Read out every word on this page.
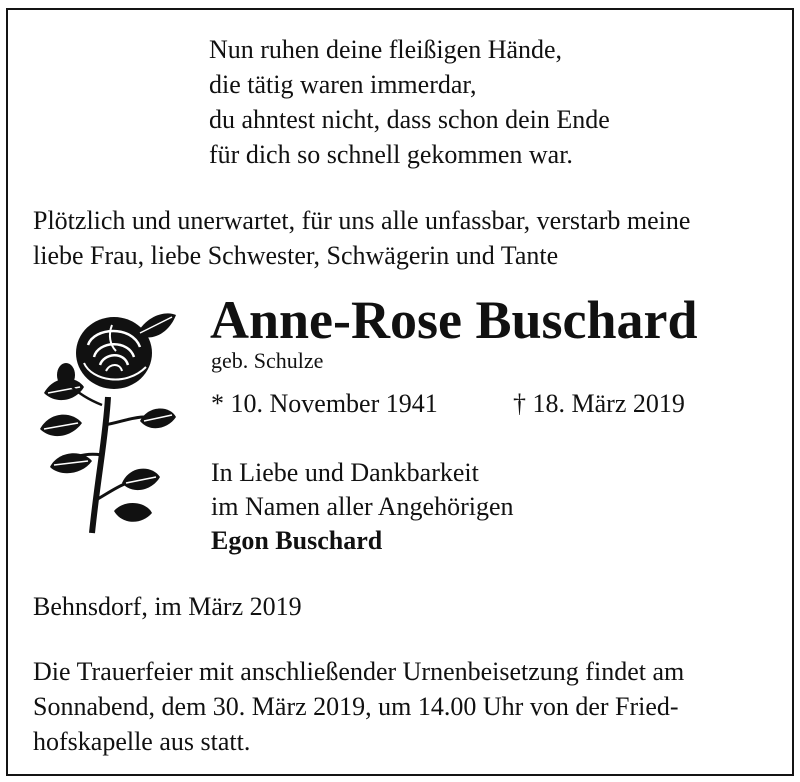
Nun ruhen deine fleißigen Hände,
die tätig waren immerdar,
du ahntest nicht, dass schon dein Ende
für dich so schnell gekommen war.
Plötzlich und unerwartet, für uns alle unfassbar, verstarb meine
liebe Frau, liebe Schwester, Schwägerin und Tante
Anne-Rose Buschard
geb. Schulze
* 10. November 1941	† 18. März 2019
In Liebe und Dankbarkeit
im Namen aller Angehörigen
Egon Buschard
Behnsdorf, im März 2019
Die Trauerfeier mit anschließender Urnenbeisetzung findet am
Sonnabend, dem 30. März 2019, um 14.00 Uhr von der Fried-
hofskapelle aus statt.
